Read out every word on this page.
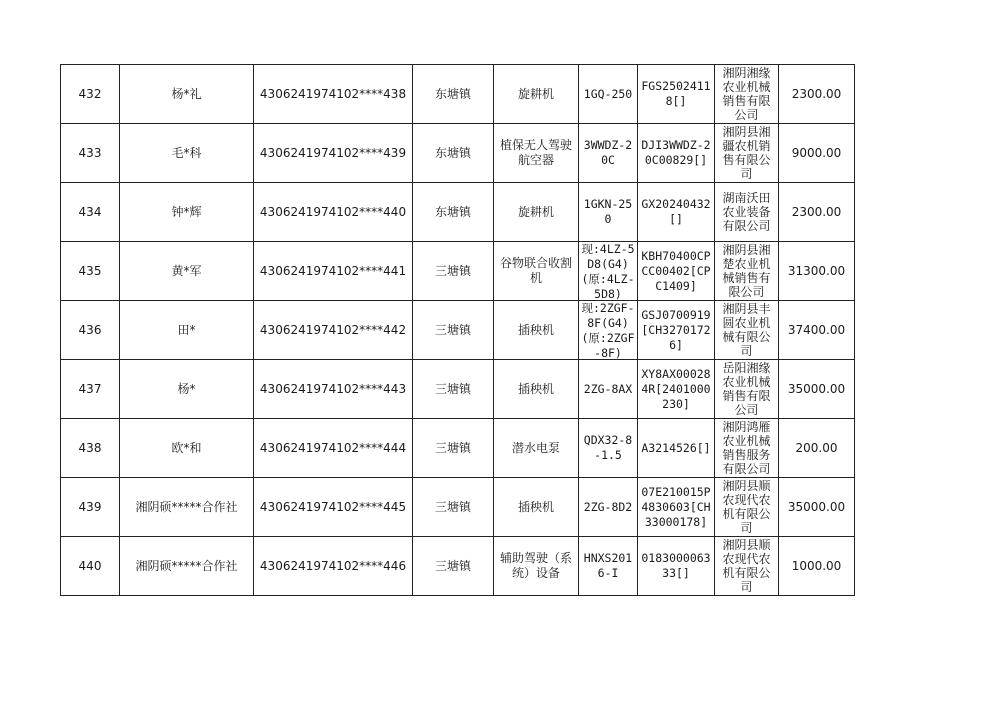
432	杨*礼	4306241974102****438	东塘镇	旋耕机	1GQ-250	FGS25024118[]	湘阴湘缘农业机械销售有限公司	2300.00

433	毛*科	4306241974102****439	东塘镇	植保无人驾驶航空器	3WWDZ-20C	DJI3WWDZ-20C00829[]	湘阴县湘疆农机销售有限公司	9000.00

434	钟*辉	4306241974102****440	东塘镇	旋耕机	1GKN-250	GX20240432[]	湖南沃田农业装备有限公司	2300.00

435	黄*军	4306241974102****441	三塘镇	谷物联合收割机	现:4LZ-5D8(G4)(原:4LZ-5D8)	KBH70400CPCC00402[CPC1409]	湘阴县湘楚农业机械销售有限公司	31300.00

436	田*	4306241974102****442	三塘镇	插秧机	现:2ZGF-8F(G4)(原:2ZGF-8F)	GSJ0700919[CH32701726]	湘阴县丰圆农业机械有限公司	37400.00

437	杨*	4306241974102****443	三塘镇	插秧机	2ZG-8AX	XY8AX000284R[2401000230]	岳阳湘缘农业机械销售有限公司	35000.00

438	欧*和	4306241974102****444	三塘镇	潜水电泵	QDX32-8-1.5	A3214526[]	湘阴鸿雁农业机械销售服务有限公司	200.00

439	湘阴硕*****合作社	4306241974102****445	三塘镇	插秧机	2ZG-8D2	07E210015P4830603[CH33000178]	湘阴县顺农现代农机有限公司	35000.00

440	湘阴硕*****合作社	4306241974102****446	三塘镇	辅助驾驶（系统）设备	HNXS2016-I	018300006333[]	湘阴县顺农现代农机有限公司	1000.00
